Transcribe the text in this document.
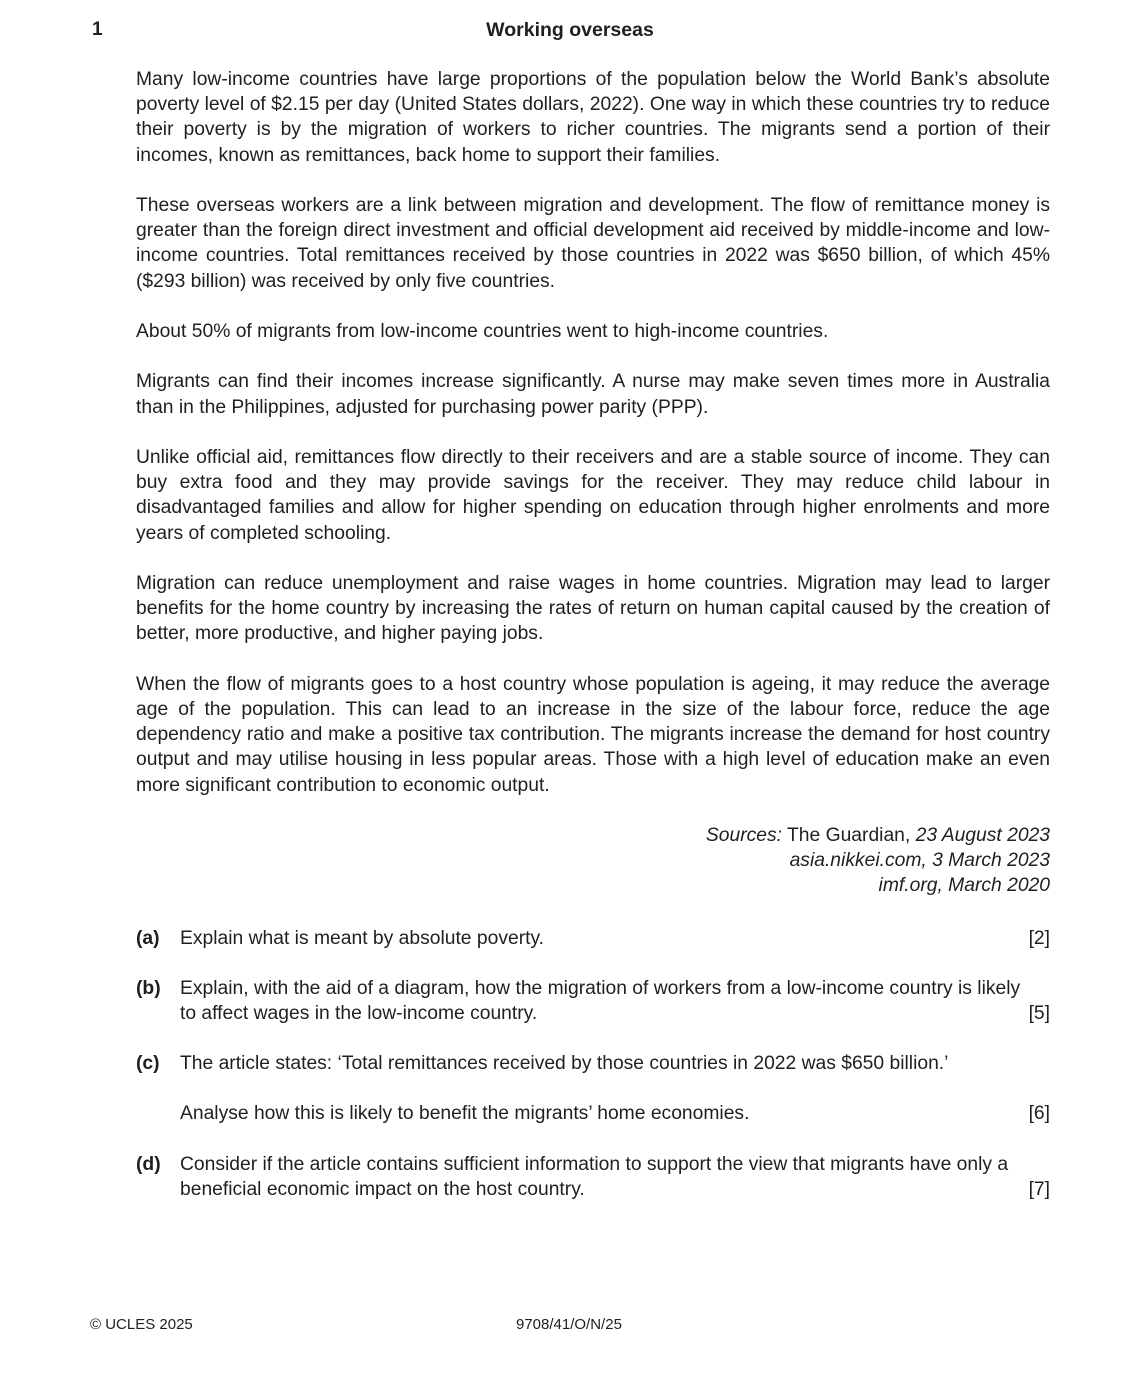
1	Working overseas

Many low-income countries have large proportions of the population below the World Bank’s absolute poverty level of $2.15 per day (United States dollars, 2022). One way in which these countries try to reduce their poverty is by the migration of workers to richer countries. The migrants send a portion of their incomes, known as remittances, back home to support their families.

These overseas workers are a link between migration and development. The flow of remittance money is greater than the foreign direct investment and official development aid received by middle-income and low-income countries. Total remittances received by those countries in 2022 was $650 billion, of which 45% ($293 billion) was received by only five countries.

About 50% of migrants from low-income countries went to high-income countries.

Migrants can find their incomes increase significantly. A nurse may make seven times more in Australia than in the Philippines, adjusted for purchasing power parity (PPP).

Unlike official aid, remittances flow directly to their receivers and are a stable source of income. They can buy extra food and they may provide savings for the receiver. They may reduce child labour in disadvantaged families and allow for higher spending on education through higher enrolments and more years of completed schooling.

Migration can reduce unemployment and raise wages in home countries. Migration may lead to larger benefits for the home country by increasing the rates of return on human capital caused by the creation of better, more productive, and higher paying jobs.

When the flow of migrants goes to a host country whose population is ageing, it may reduce the average age of the population. This can lead to an increase in the size of the labour force, reduce the age dependency ratio and make a positive tax contribution. The migrants increase the demand for host country output and may utilise housing in less popular areas. Those with a high level of education make an even more significant contribution to economic output.

Sources: The Guardian, 23 August 2023
asia.nikkei.com, 3 March 2023
imf.org, March 2020
(a) Explain what is meant by absolute poverty.	[2]
(b) Explain, with the aid of a diagram, how the migration of workers from a low-income country is likely to affect wages in the low-income country.	[5]
(c) The article states: ‘Total remittances received by those countries in 2022 was $650 billion.’
Analyse how this is likely to benefit the migrants’ home economies.	[6]
(d) Consider if the article contains sufficient information to support the view that migrants have only a beneficial economic impact on the host country.	[7]
© UCLES 2025	9708/41/O/N/25
